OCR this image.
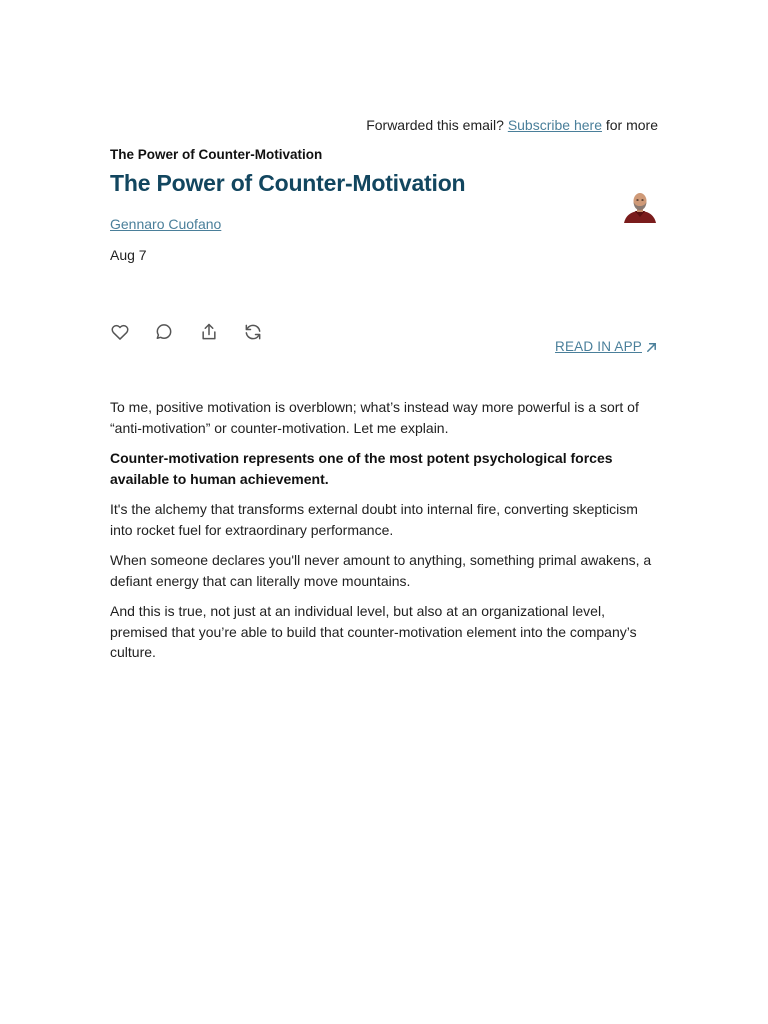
Forwarded this email? Subscribe here for more
The Power of Counter-Motivation
The Power of Counter-Motivation
Gennaro Cuofano
Aug 7
READ IN APP

To me, positive motivation is overblown; what’s instead way more powerful is a sort of “anti-motivation” or counter-motivation. Let me explain.

Counter-motivation represents one of the most potent psychological forces available to human achievement.

It's the alchemy that transforms external doubt into internal fire, converting skepticism into rocket fuel for extraordinary performance.

When someone declares you'll never amount to anything, something primal awakens, a defiant energy that can literally move mountains.

And this is true, not just at an individual level, but also at an organizational level, premised that you’re able to build that counter-motivation element into the company’s culture.
